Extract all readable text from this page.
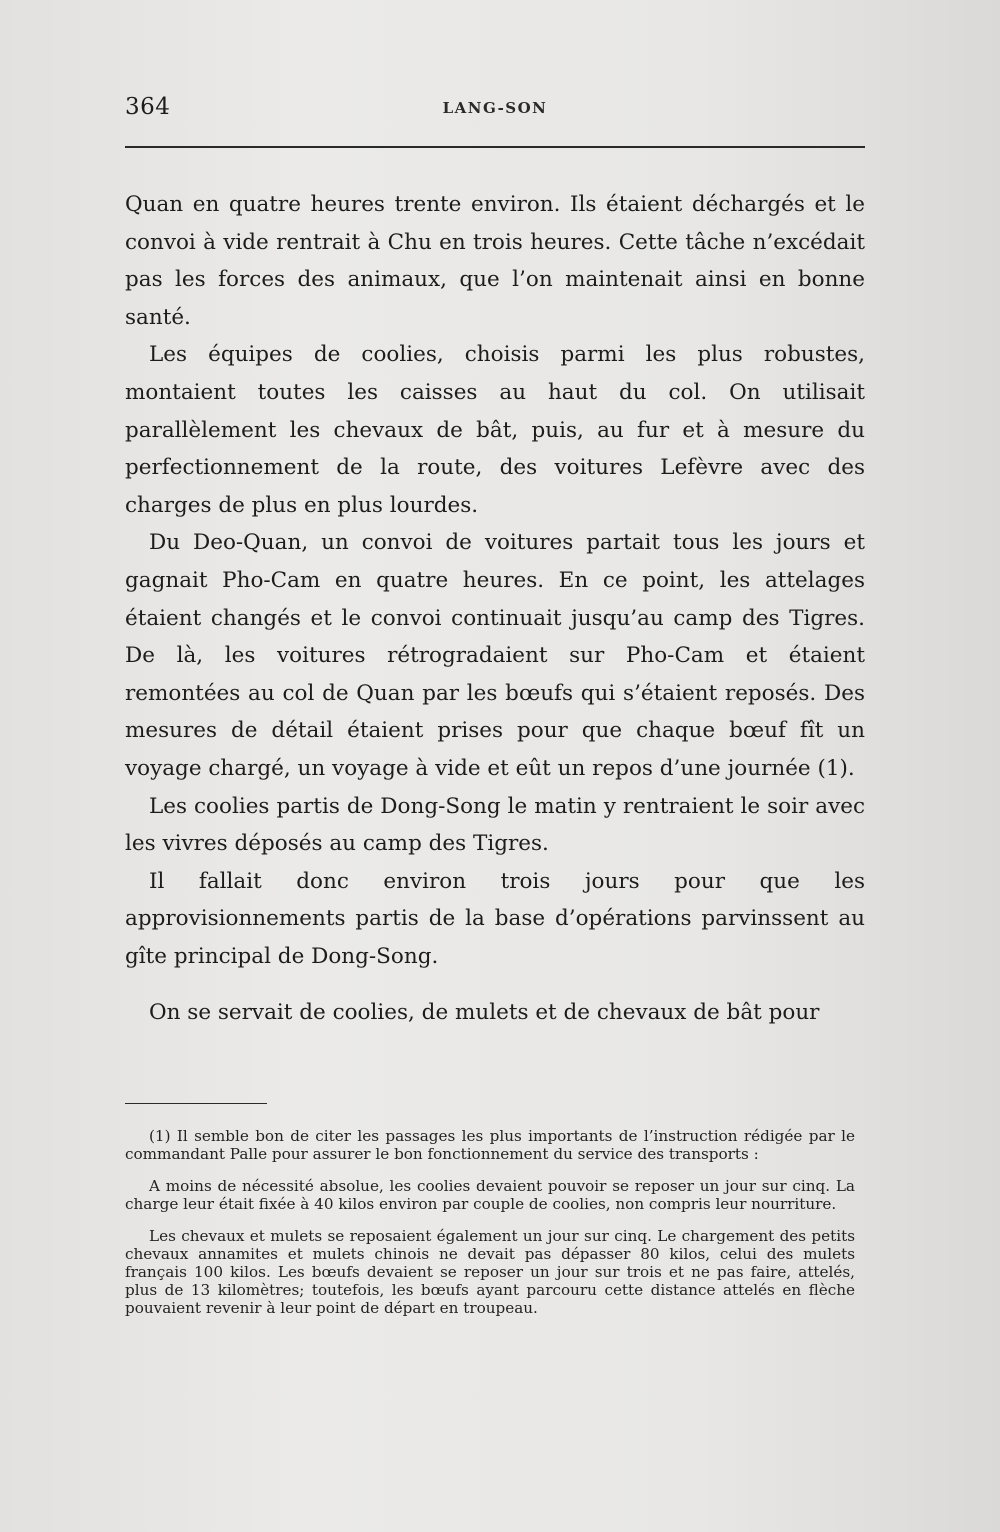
364	LANG-SON

Quan en quatre heures trente environ. Ils étaient déchargés et le convoi à vide rentrait à Chu en trois heures. Cette tâche n’excédait pas les forces des animaux, que l’on maintenait ainsi en bonne santé.

Les équipes de coolies, choisis parmi les plus robustes, montaient toutes les caisses au haut du col. On utilisait parallèlement les chevaux de bât, puis, au fur et à mesure du perfectionnement de la route, des voitures Lefèvre avec des charges de plus en plus lourdes.

Du Deo-Quan, un convoi de voitures partait tous les jours et gagnait Pho-Cam en quatre heures. En ce point, les attelages étaient changés et le convoi continuait jusqu’au camp des Tigres. De là, les voitures rétrogradaient sur Pho-Cam et étaient remontées au col de Quan par les bœufs qui s’étaient reposés. Des mesures de détail étaient prises pour que chaque bœuf fît un voyage chargé, un voyage à vide et eût un repos d’une journée (1).

Les coolies partis de Dong-Song le matin y rentraient le soir avec les vivres déposés au camp des Tigres.

Il fallait donc environ trois jours pour que les approvisionnements partis de la base d’opérations parvinssent au gîte principal de Dong-Song.

On se servait de coolies, de mulets et de chevaux de bât pour

(1) Il semble bon de citer les passages les plus importants de l’instruction rédigée par le commandant Palle pour assurer le bon fonctionnement du service des transports :

A moins de nécessité absolue, les coolies devaient pouvoir se reposer un jour sur cinq. La charge leur était fixée à 40 kilos environ par couple de coolies, non compris leur nourriture.

Les chevaux et mulets se reposaient également un jour sur cinq. Le chargement des petits chevaux annamites et mulets chinois ne devait pas dépasser 80 kilos, celui des mulets français 100 kilos. Les bœufs devaient se reposer un jour sur trois et ne pas faire, attelés, plus de 13 kilomètres; toutefois, les bœufs ayant parcouru cette distance attelés en flèche pouvaient revenir à leur point de départ en troupeau.
